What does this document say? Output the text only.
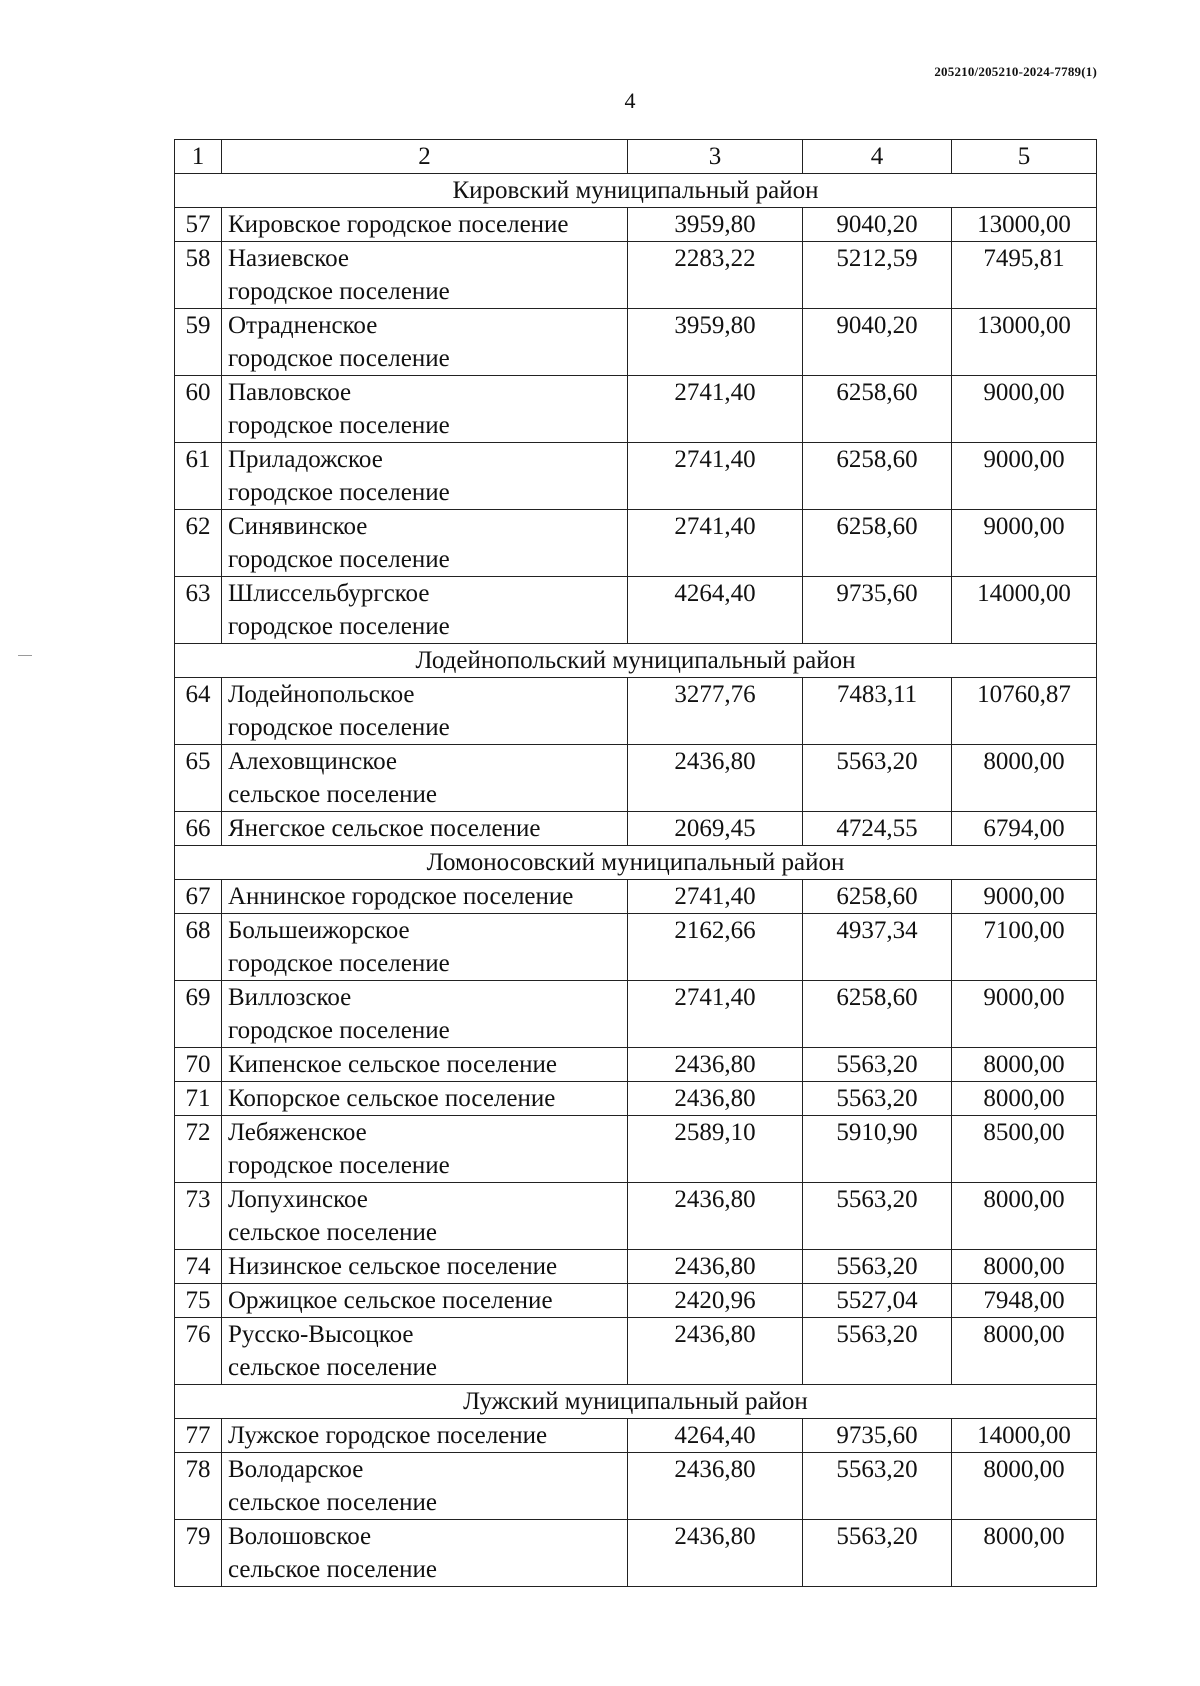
205210/205210-2024-7789(1)
4
1	2	3	4	5
Кировский муниципальный район				
57	Кировское городское поселение	3959,80	9040,20	13000,00
58	Назиевское
городское поселение	2283,22	5212,59	7495,81
59	Отрадненское
городское поселение	3959,80	9040,20	13000,00
60	Павловское
городское поселение	2741,40	6258,60	9000,00
61	Приладожское
городское поселение	2741,40	6258,60	9000,00
62	Синявинское
городское поселение	2741,40	6258,60	9000,00
63	Шлиссельбургское
городское поселение	4264,40	9735,60	14000,00
Лодейнопольский муниципальный район				
64	Лодейнопольское
городское поселение	3277,76	7483,11	10760,87
65	Алеховщинское
сельское поселение	2436,80	5563,20	8000,00
66	Янегское сельское поселение	2069,45	4724,55	6794,00
Ломоносовский муниципальный район				
67	Аннинское городское поселение	2741,40	6258,60	9000,00
68	Большеижорское
городское поселение	2162,66	4937,34	7100,00
69	Виллозское
городское поселение	2741,40	6258,60	9000,00
70	Кипенское сельское поселение	2436,80	5563,20	8000,00
71	Копорское сельское поселение	2436,80	5563,20	8000,00
72	Лебяженское
городское поселение	2589,10	5910,90	8500,00
73	Лопухинское
сельское поселение	2436,80	5563,20	8000,00
74	Низинское сельское поселение	2436,80	5563,20	8000,00
75	Оржицкое сельское поселение	2420,96	5527,04	7948,00
76	Русско-Высоцкое
сельское поселение	2436,80	5563,20	8000,00
Лужский муниципальный район				
77	Лужское городское поселение	4264,40	9735,60	14000,00
78	Володарское
сельское поселение	2436,80	5563,20	8000,00
79	Волошовское
сельское поселение	2436,80	5563,20	8000,00
